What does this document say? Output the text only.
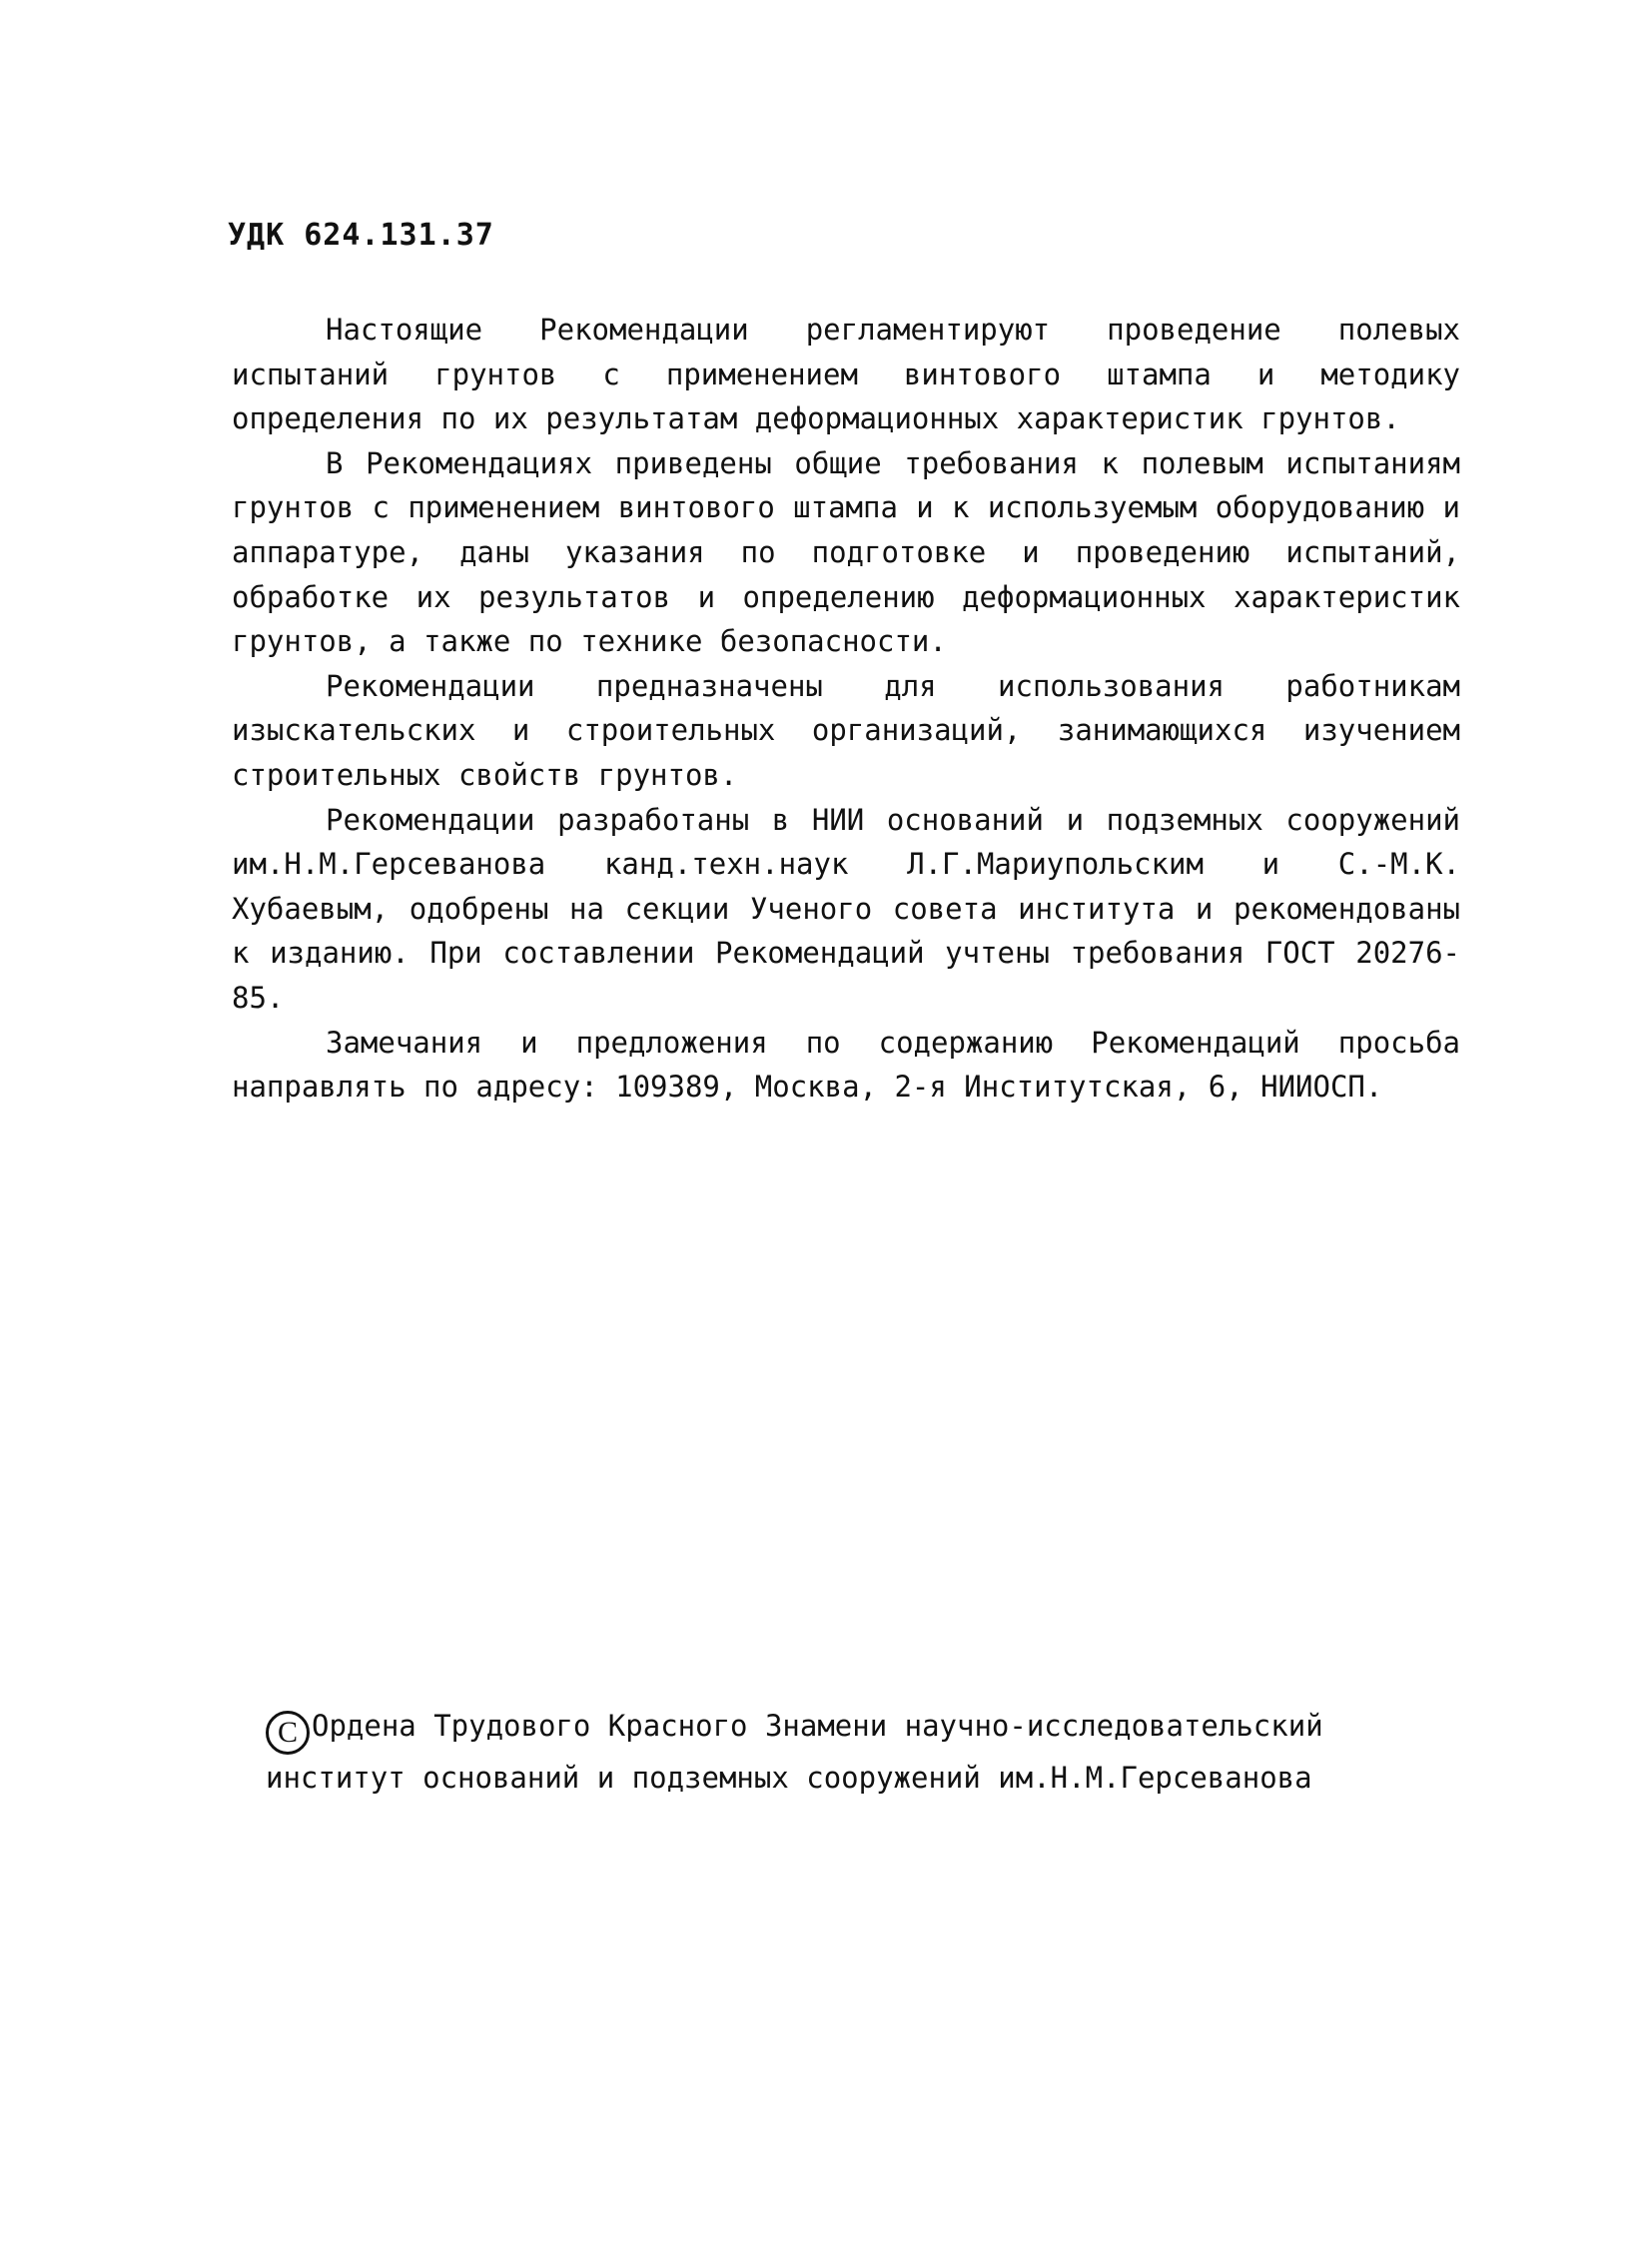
УДК 624.131.37

Настоящие Рекомендации регламентируют проведение полевых испытаний грунтов с применением винтового штампа и методику определения по их результатам деформационных характеристик грунтов.

В Рекомендациях приведены общие требования к полевым испытаниям грунтов с применением винтового штампа и к используемым оборудованию и аппаратуре, даны указания по подготовке и проведению испытаний, обработке их результатов и определению деформационных характеристик грунтов, а также по технике безопасности.

Рекомендации предназначены для использования работникам изыскательских и строительных организаций, занимающихся изучением строительных свойств грунтов.

Рекомендации разработаны в НИИ оснований и подземных сооружений им.Н.М.Герсеванова канд.техн.наук Л.Г.Мариупольским и С.-М.К. Хубаевым, одобрены на секции Ученого совета института и рекомендованы к изданию. При составлении Рекомендаций учтены требования ГОСТ 20276-85.

Замечания и предложения по содержанию Рекомендаций просьба направлять по адресу: 109389, Москва, 2-я Институтская, 6, НИИОСП.

С Ордена Трудового Красного Знамени научно-исследовательский институт оснований и подземных сооружений им.Н.М.Герсеванова
